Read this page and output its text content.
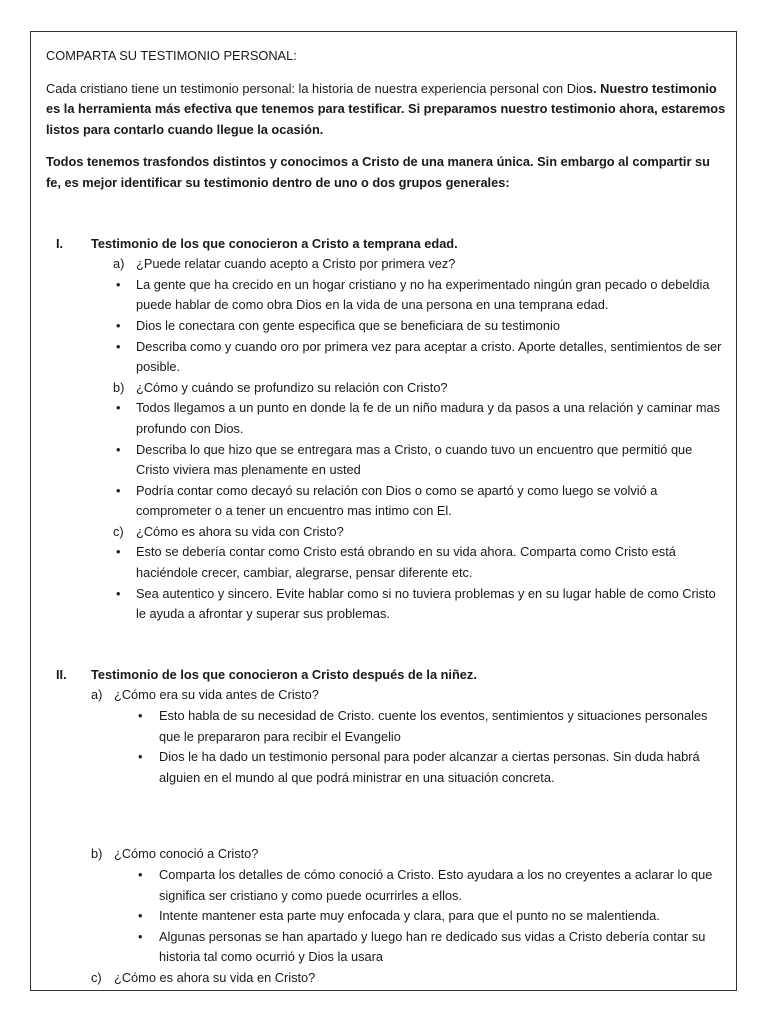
COMPARTA SU TESTIMONIO PERSONAL:

Cada cristiano tiene un testimonio personal: la historia de nuestra experiencia personal con Dios. Nuestro testimonio es la herramienta más efectiva que tenemos para testificar. Si preparamos nuestro testimonio ahora, estaremos listos para contarlo cuando llegue la ocasión.

Todos tenemos trasfondos distintos y conocimos a Cristo de una manera única. Sin embargo al compartir su fe, es mejor identificar su testimonio dentro de uno o dos grupos generales:

I. Testimonio de los que conocieron a Cristo a temprana edad.
a) ¿Puede relatar cuando acepto a Cristo por primera vez?
• La gente que ha crecido en un hogar cristiano y no ha experimentado ningún gran pecado o debeldia puede hablar de como obra Dios en la vida de una persona en una temprana edad.
• Dios le conectara con gente especifica que se beneficiara de su testimonio
• Describa como y cuando oro por primera vez para aceptar a cristo. Aporte detalles, sentimientos de ser posible.
b) ¿Cómo y cuándo se profundizo su relación con Cristo?
• Todos llegamos a un punto en donde la fe de un niño madura y da pasos a una relación y caminar mas profundo con Dios.
• Describa lo que hizo que se entregara mas a Cristo, o cuando tuvo un encuentro que permitió que Cristo viviera mas plenamente en usted
• Podría contar como decayó su relación con Dios o como se apartó y como luego se volvió a comprometer o a tener un encuentro mas intimo con El.
c) ¿Cómo es ahora su vida con Cristo?
• Esto se debería contar como Cristo está obrando en su vida ahora. Comparta como Cristo está haciéndole crecer, cambiar, alegrarse, pensar diferente etc.
• Sea autentico y sincero. Evite hablar como si no tuviera problemas y en su lugar hable de como Cristo le ayuda a afrontar y superar sus problemas.
II. Testimonio de los que conocieron a Cristo después de la niñez.
a) ¿Cómo era su vida antes de Cristo?
• Esto habla de su necesidad de Cristo. cuente los eventos, sentimientos y situaciones personales que le prepararon para recibir el Evangelio
• Dios le ha dado un testimonio personal para poder alcanzar a ciertas personas. Sin duda habrá alguien en el mundo al que podrá ministrar en una situación concreta.
b) ¿Cómo conoció a Cristo?
• Comparta los detalles de cómo conoció a Cristo. Esto ayudara a los no creyentes a aclarar lo que significa ser cristiano y como puede ocurrirles a ellos.
• Intente mantener esta parte muy enfocada y clara, para que el punto no se malentienda.
• Algunas personas se han apartado y luego han re dedicado sus vidas a Cristo debería contar su historia tal como ocurrió y Dios la usara
c) ¿Cómo es ahora su vida en Cristo?
